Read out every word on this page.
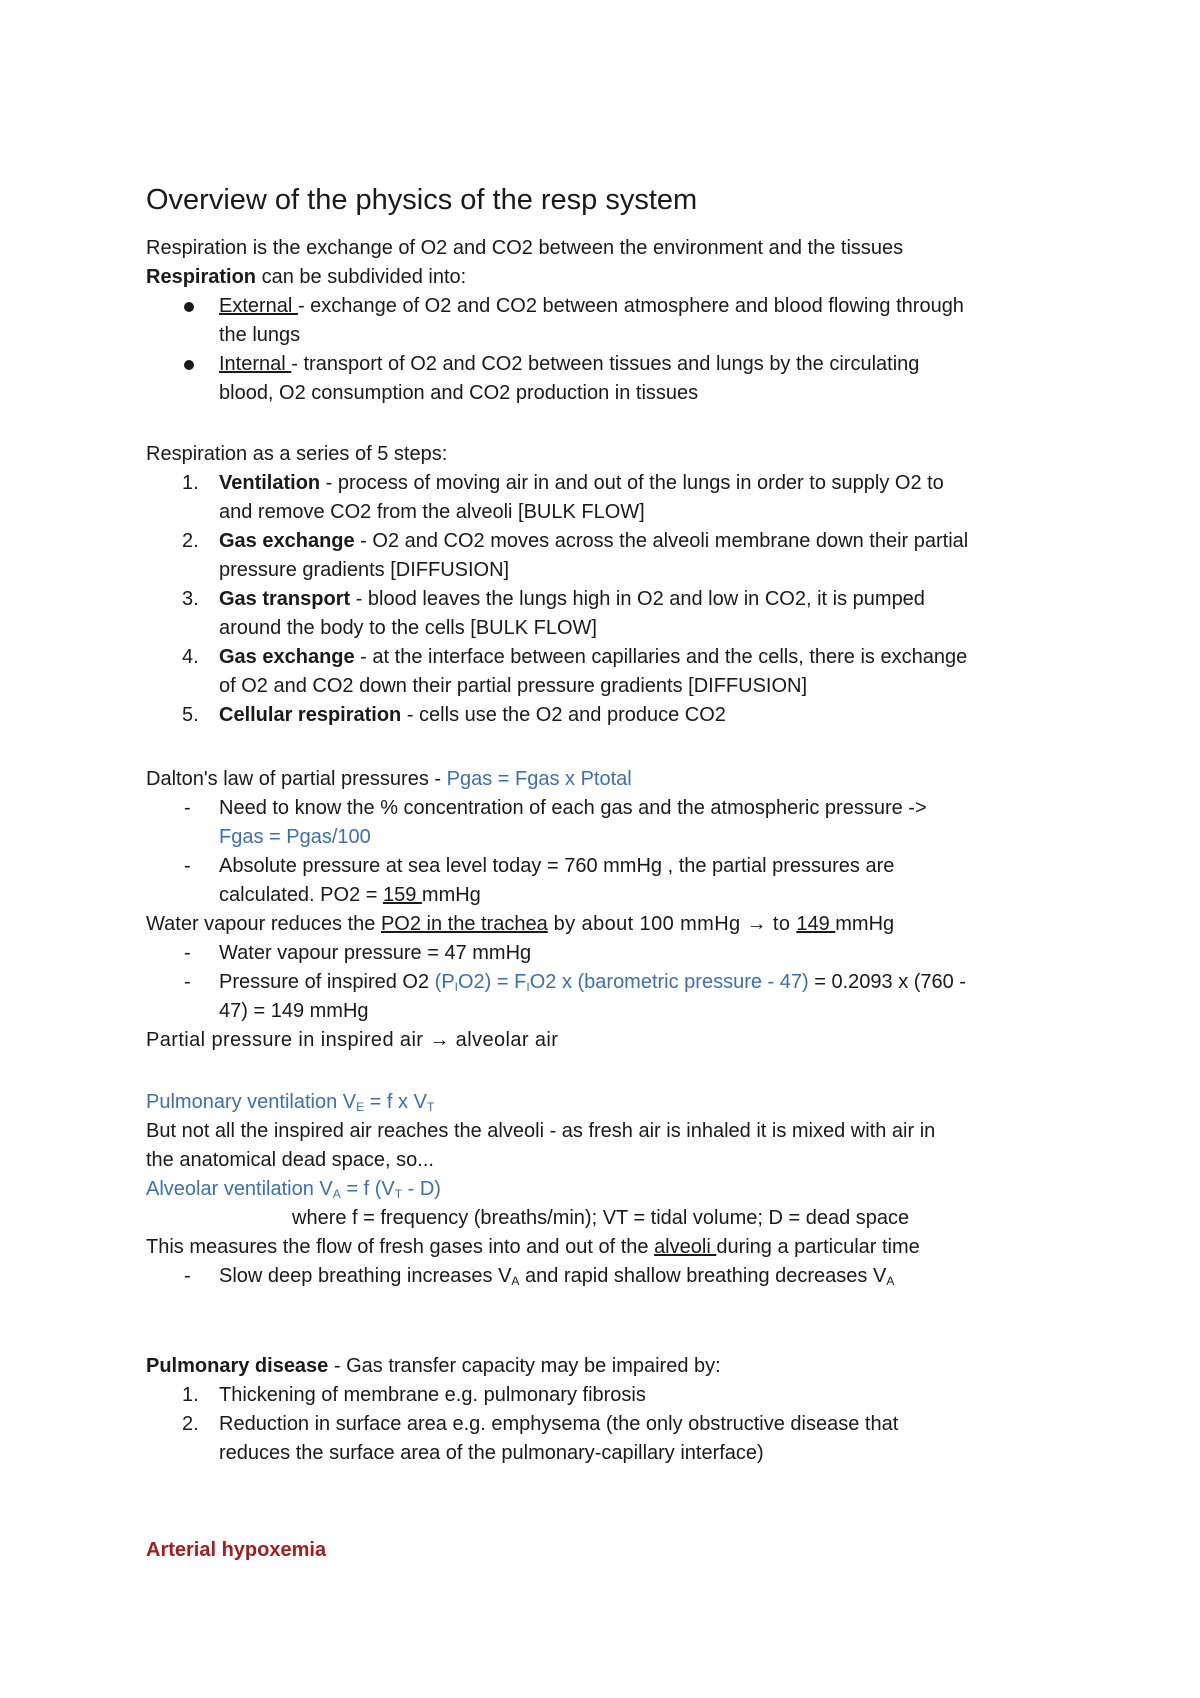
Overview of the physics of the resp system
Respiration is the exchange of O2 and CO2 between the environment and the tissues
Respiration can be subdivided into:
External - exchange of O2 and CO2 between atmosphere and blood flowing through
the lungs
Internal - transport of O2 and CO2 between tissues and lungs by the circulating
blood, O2 consumption and CO2 production in tissues
Respiration as a series of 5 steps:
1.	Ventilation - process of moving air in and out of the lungs in order to supply O2 to
and remove CO2 from the alveoli [BULK FLOW]
2.	Gas exchange - O2 and CO2 moves across the alveoli membrane down their partial
pressure gradients [DIFFUSION]
3.	Gas transport - blood leaves the lungs high in O2 and low in CO2, it is pumped
around the body to the cells [BULK FLOW]
4.	Gas exchange - at the interface between capillaries and the cells, there is exchange
of O2 and CO2 down their partial pressure gradients [DIFFUSION]
5.	Cellular respiration - cells use the O2 and produce CO2
Dalton's law of partial pressures - Pgas = Fgas x Ptotal
- Need to know the % concentration of each gas and the atmospheric pressure ->
Fgas = Pgas/100
- Absolute pressure at sea level today = 760 mmHg , the partial pressures are
calculated. PO2 = 159 mmHg
Water vapour reduces the PO2 in the trachea by about 100 mmHg → to 149 mmHg
- Water vapour pressure = 47 mmHg
- Pressure of inspired O2 $(P_IO2) = F_IO2$ x (barometric pressure - 47) = 0.2093 x (760 -
47) = 149 mmHg
Partial pressure in inspired air → alveolar air
Pulmonary ventilation $V_E = f$ x $V_T$
But not all the inspired air reaches the alveoli - as fresh air is inhaled it is mixed with air in
the anatomical dead space, so...
Alveolar ventilation $V_A = f$ $(V_T - D)$
where f = frequency (breaths/min); VT = tidal volume; D = dead space
This measures the flow of fresh gases into and out of the alveoli during a particular time
- Slow deep breathing increases $V_A$ and rapid shallow breathing decreases $V_A$
Pulmonary disease - Gas transfer capacity may be impaired by:
1.	Thickening of membrane e.g. pulmonary fibrosis
2.	Reduction in surface area e.g. emphysema (the only obstructive disease that
reduces the surface area of the pulmonary-capillary interface)
Arterial hypoxemia
